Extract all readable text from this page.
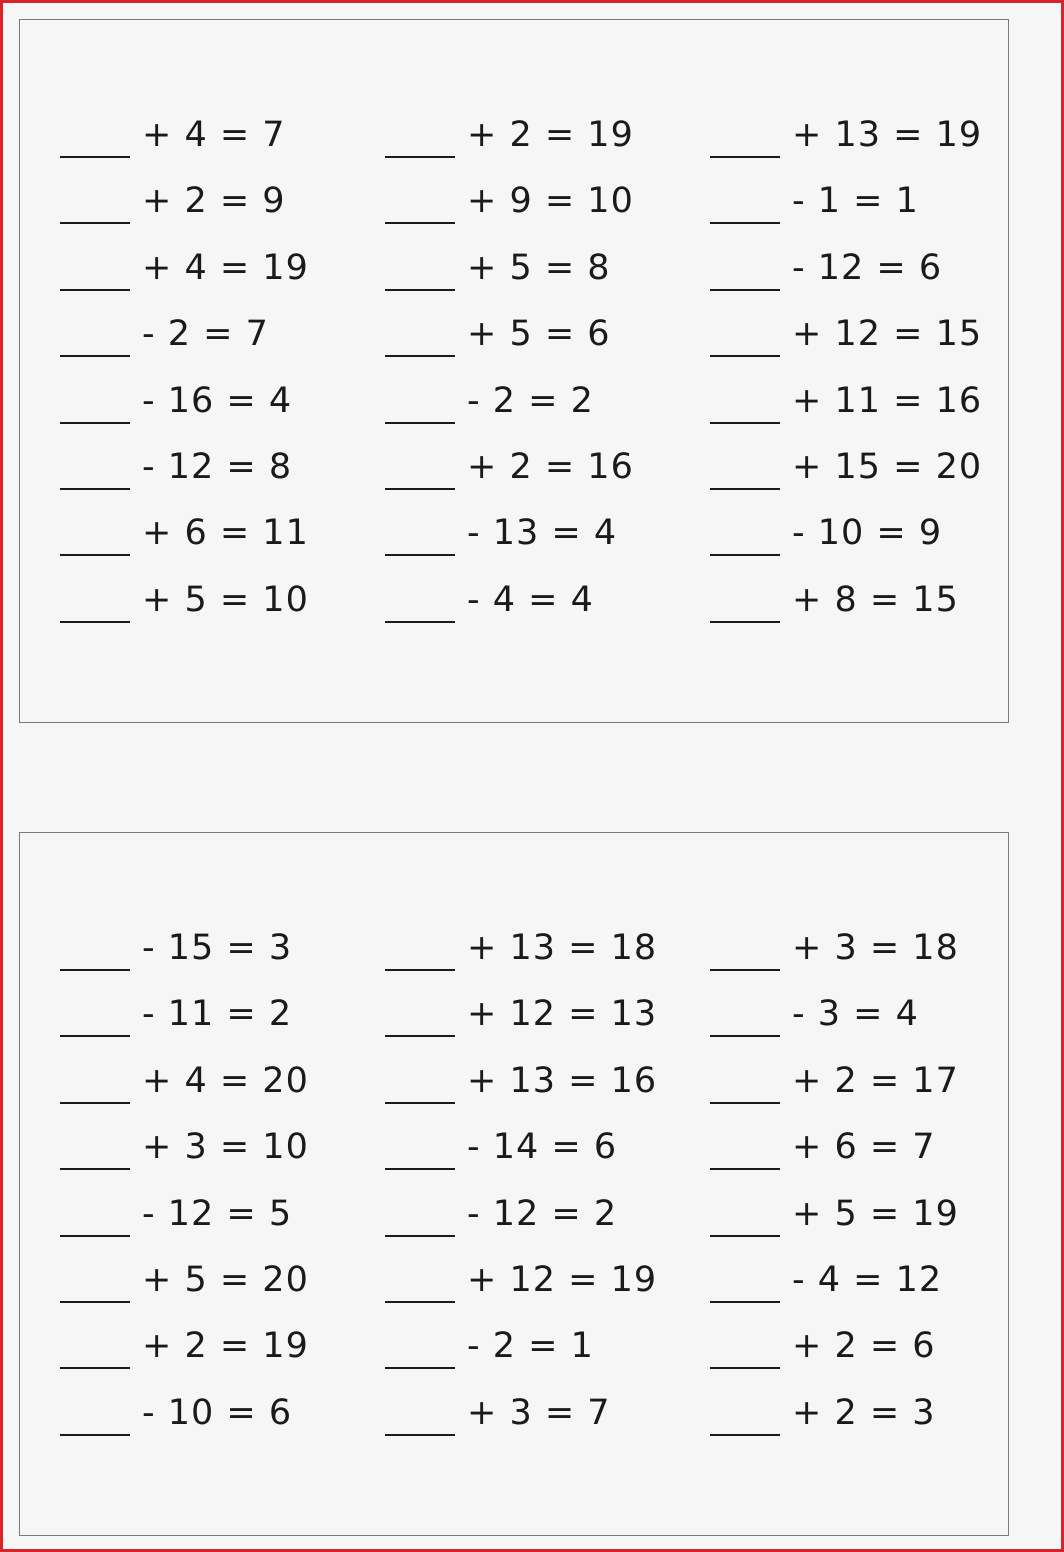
+ 4 = 7
+ 2 = 9
+ 4 = 19
- 2 = 7
- 16 = 4
- 12 = 8
+ 6 = 11
+ 5 = 10
+ 2 = 19
+ 9 = 10
+ 5 = 8
+ 5 = 6
- 2 = 2
+ 2 = 16
- 13 = 4
- 4 = 4
+ 13 = 19
- 1 = 1
- 12 = 6
+ 12 = 15
+ 11 = 16
+ 15 = 20
- 10 = 9
+ 8 = 15
- 15 = 3
- 11 = 2
+ 4 = 20
+ 3 = 10
- 12 = 5
+ 5 = 20
+ 2 = 19
- 10 = 6
+ 13 = 18
+ 12 = 13
+ 13 = 16
- 14 = 6
- 12 = 2
+ 12 = 19
- 2 = 1
+ 3 = 7
+ 3 = 18
- 3 = 4
+ 2 = 17
+ 6 = 7
+ 5 = 19
- 4 = 12
+ 2 = 6
+ 2 = 3
